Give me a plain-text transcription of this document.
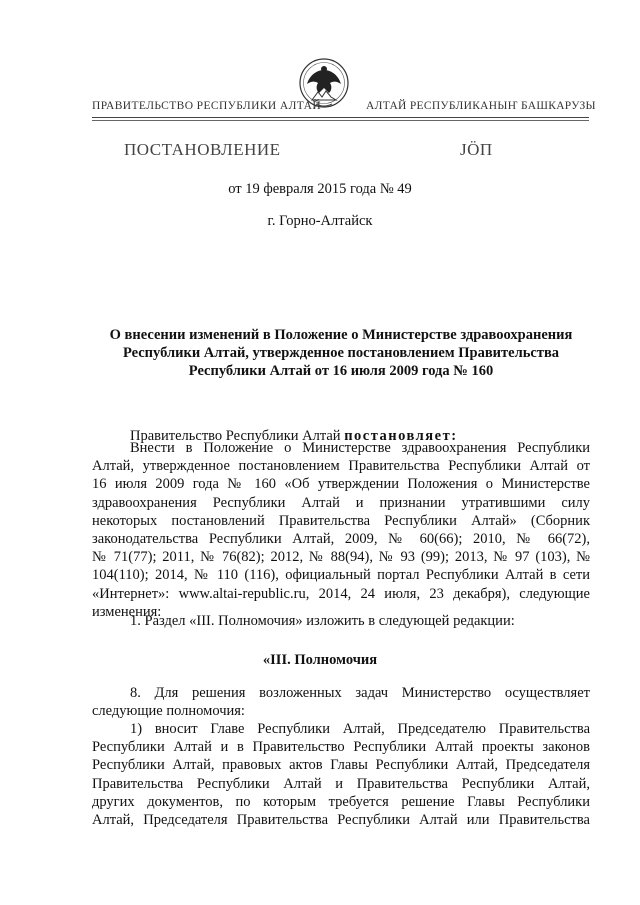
ПРАВИТЕЛЬСТВО РЕСПУБЛИКИ АЛТАЙ	АЛТАЙ РЕСПУБЛИКАНЫҤ БАШКАРУЗЫ
ПОСТАНОВЛЕНИЕ	JӦП
от 19 февраля 2015 года № 49
г. Горно-Алтайск
О внесении изменений в Положение о Министерстве здравоохранения
Республики Алтай, утвержденное постановлением Правительства
Республики Алтай от 16 июля 2009 года № 160
Правительство Республики Алтай постановляет:
Внести в Положение о Министерстве здравоохранения Республики
Алтай, утвержденное постановлением Правительства Республики Алтай от
16 июля 2009 года № 160 «Об утверждении Положения о Министерстве
здравоохранения Республики Алтай и признании утратившими силу
некоторых постановлений Правительства Республики Алтай» (Сборник
законодательства Республики Алтай, 2009, № 60(66); 2010, № 66(72),
№ 71(77); 2011, № 76(82); 2012, № 88(94), № 93 (99); 2013, № 97 (103), №
104(110); 2014, № 110 (116), официальный портал Республики Алтай в сети
«Интернет»: www.altai-republic.ru, 2014, 24 июля, 23 декабря), следующие
изменения:
1. Раздел «III. Полномочия» изложить в следующей редакции:
«III. Полномочия
8. Для решения возложенных задач Министерство осуществляет
следующие полномочия:
1) вносит Главе Республики Алтай, Председателю Правительства
Республики Алтай и в Правительство Республики Алтай проекты законов
Республики Алтай, правовых актов Главы Республики Алтай, Председателя
Правительства Республики Алтай и Правительства Республики Алтай,
других документов, по которым требуется решение Главы Республики
Алтай, Председателя Правительства Республики Алтай или Правительства
